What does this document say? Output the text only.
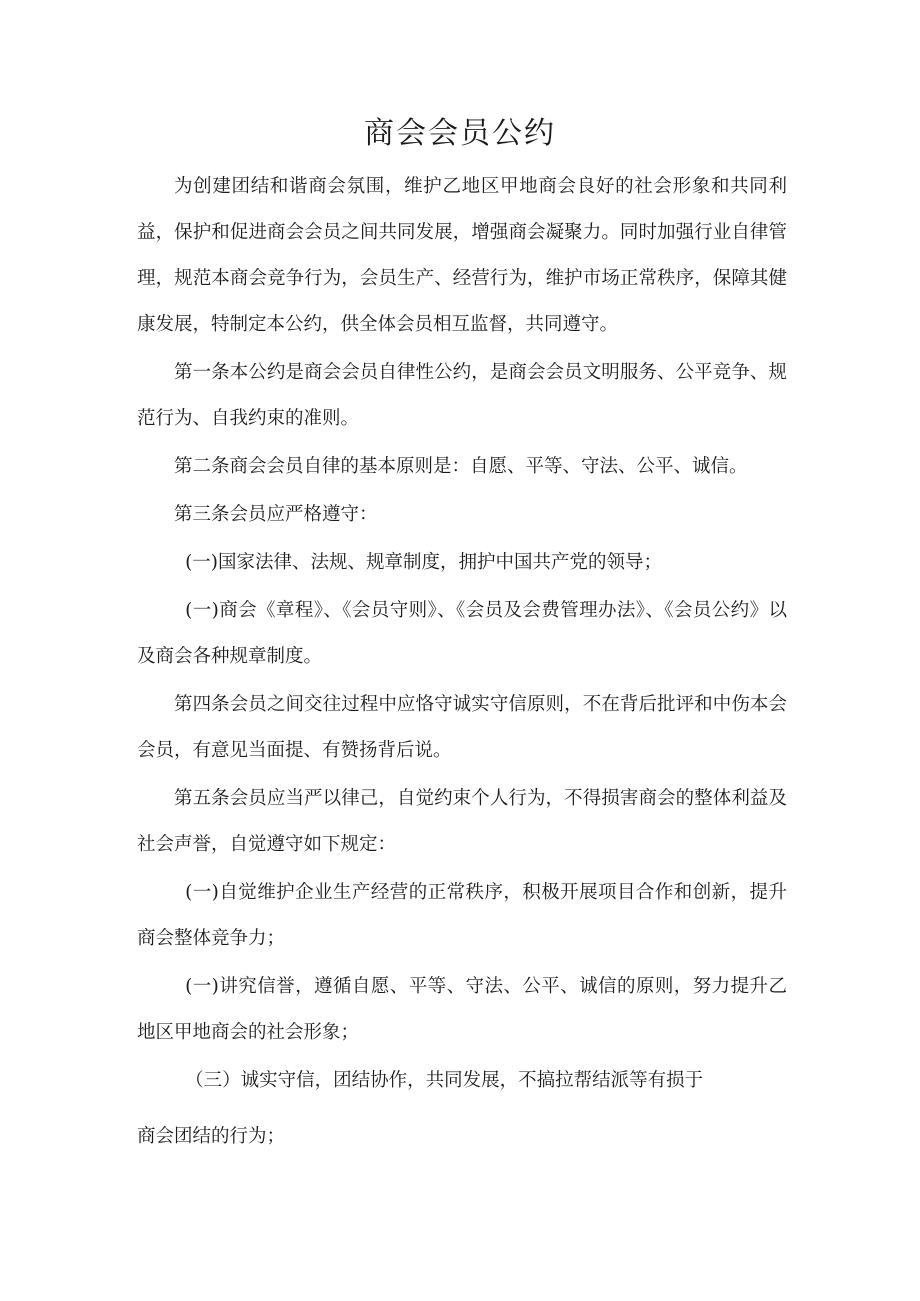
商会会员公约

为创建团结和谐商会氛围，维护乙地区甲地商会良好的社会形象和共同利益，保护和促进商会会员之间共同发展，增强商会凝聚力。同时加强行业自律管理，规范本商会竞争行为，会员生产、经营行为，维护市场正常秩序，保障其健康发展，特制定本公约，供全体会员相互监督，共同遵守。

第一条本公约是商会会员自律性公约，是商会会员文明服务、公平竞争、规范行为、自我约束的准则。

第二条商会会员自律的基本原则是：自愿、平等、守法、公平、诚信。

第三条会员应严格遵守：

(一)国家法律、法规、规章制度，拥护中国共产党的领导；

(一)商会《章程》、《会员守则》、《会员及会费管理办法》、《会员公约》以及商会各种规章制度。

第四条会员之间交往过程中应恪守诚实守信原则，不在背后批评和中伤本会会员，有意见当面提、有赞扬背后说。

第五条会员应当严以律己，自觉约束个人行为，不得损害商会的整体利益及社会声誉，自觉遵守如下规定：

(一)自觉维护企业生产经营的正常秩序，积极开展项目合作和创新，提升商会整体竞争力；

(一)讲究信誉，遵循自愿、平等、守法、公平、诚信的原则，努力提升乙地区甲地商会的社会形象；

（三）诚实守信，团结协作，共同发展，不搞拉帮结派等有损于

商会团结的行为；
